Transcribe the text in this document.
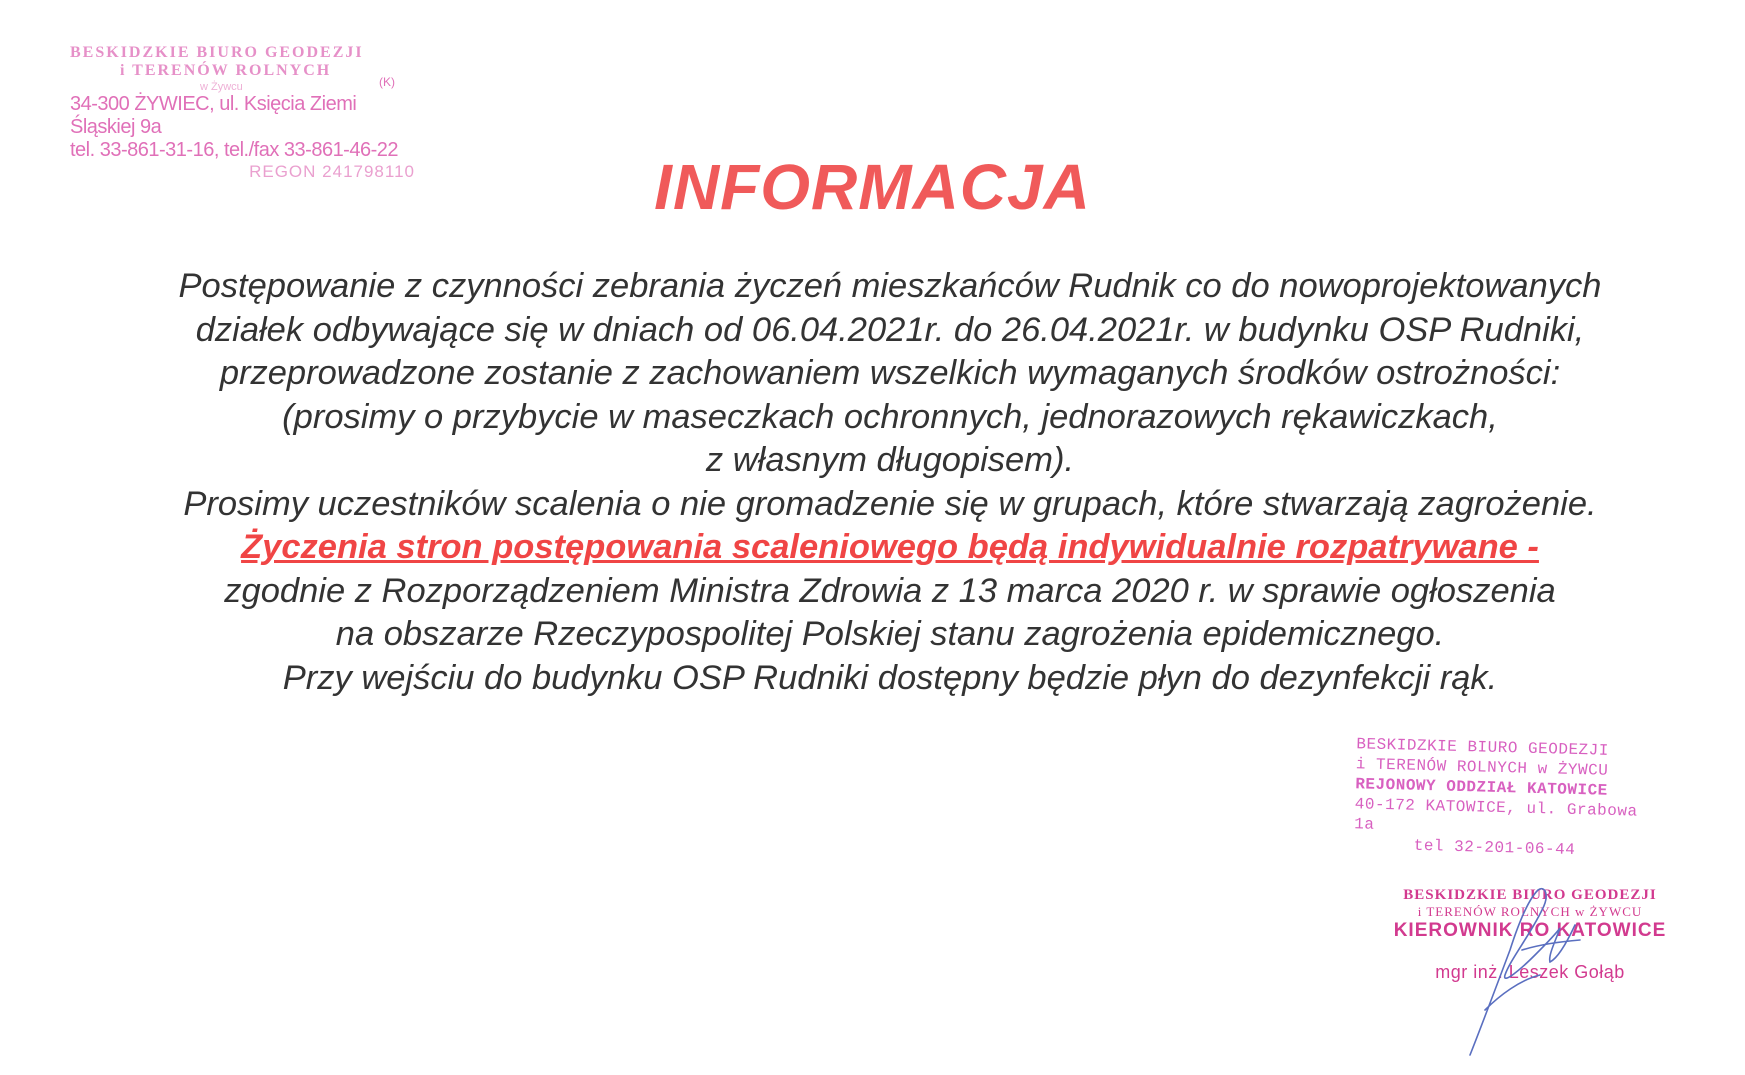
BESKIDZKIE BIURO GEODEZJI
i TERENÓW ROLNYCH
w Żywcu	(K)
34-300 ŻYWIEC, ul. Księcia Ziemi Śląskiej 9a
tel. 33-861-31-16, tel./fax 33-861-46-22
REGON 241798110	INFORMACJA
Postępowanie z czynności zebrania życzeń mieszkańców Rudnik co do nowoprojektowanych
działek odbywające się w dniach od 06.04.2021r. do 26.04.2021r. w budynku OSP Rudniki,
przeprowadzone zostanie z zachowaniem wszelkich wymaganych środków ostrożności:
(prosimy o przybycie w maseczkach ochronnych, jednorazowych rękawiczkach,
z własnym długopisem).
Prosimy uczestników scalenia o nie gromadzenie się w grupach, które stwarzają zagrożenie.
Życzenia stron postępowania scaleniowego będą indywidualnie rozpatrywane -
zgodnie z Rozporządzeniem Ministra Zdrowia z 13 marca 2020 r. w sprawie ogłoszenia
na obszarze Rzeczypospolitej Polskiej stanu zagrożenia epidemicznego.
Przy wejściu do budynku OSP Rudniki dostępny będzie płyn do dezynfekcji rąk.
BESKIDZKIE BIURO GEODEZJI
i TERENÓW ROLNYCH w ŻYWCU
REJONOWY ODDZIAŁ KATOWICE
40-172 KATOWICE, ul. Grabowa 1a
tel 32-201-06-44
BESKIDZKIE BIURO GEODEZJI
i TERENÓW ROLNYCH w ŻYWCU
KIEROWNIK RO KATOWICE
mgr inż. Leszek Gołąb
